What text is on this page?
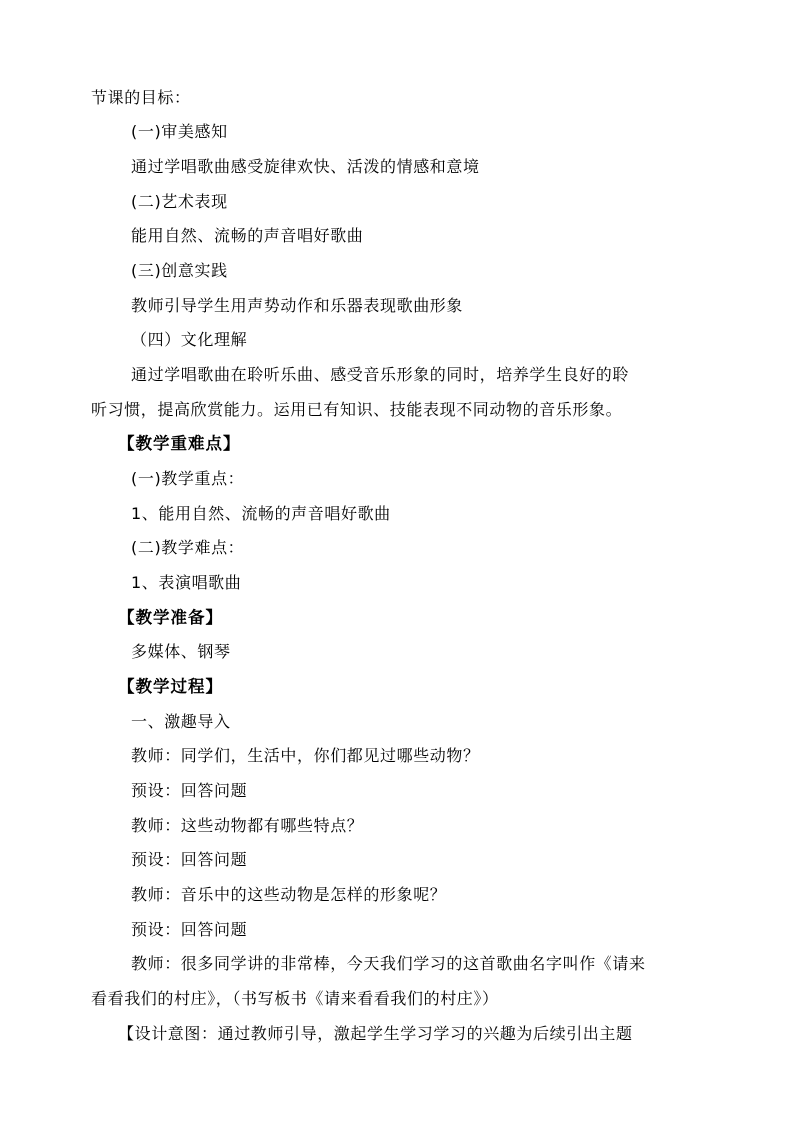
节课的目标：
(一)审美感知
通过学唱歌曲感受旋律欢快、活泼的情感和意境
(二)艺术表现
能用自然、流畅的声音唱好歌曲
(三)创意实践
教师引导学生用声势动作和乐器表现歌曲形象
（四）文化理解
通过学唱歌曲在聆听乐曲、感受音乐形象的同时，培养学生良好的聆
听习惯，提高欣赏能力。运用已有知识、技能表现不同动物的音乐形象。
【教学重难点】
(一)教学重点：
1、能用自然、流畅的声音唱好歌曲
(二)教学难点：
1、表演唱歌曲
【教学准备】
多媒体、钢琴
【教学过程】
一、激趣导入
教师：同学们，生活中，你们都见过哪些动物？
预设：回答问题
教师：这些动物都有哪些特点？
预设：回答问题
教师：音乐中的这些动物是怎样的形象呢？
预设：回答问题
教师：很多同学讲的非常棒，今天我们学习的这首歌曲名字叫作《请来
看看我们的村庄》，（书写板书《请来看看我们的村庄》）
【设计意图：通过教师引导，激起学生学习学习的兴趣为后续引出主题
